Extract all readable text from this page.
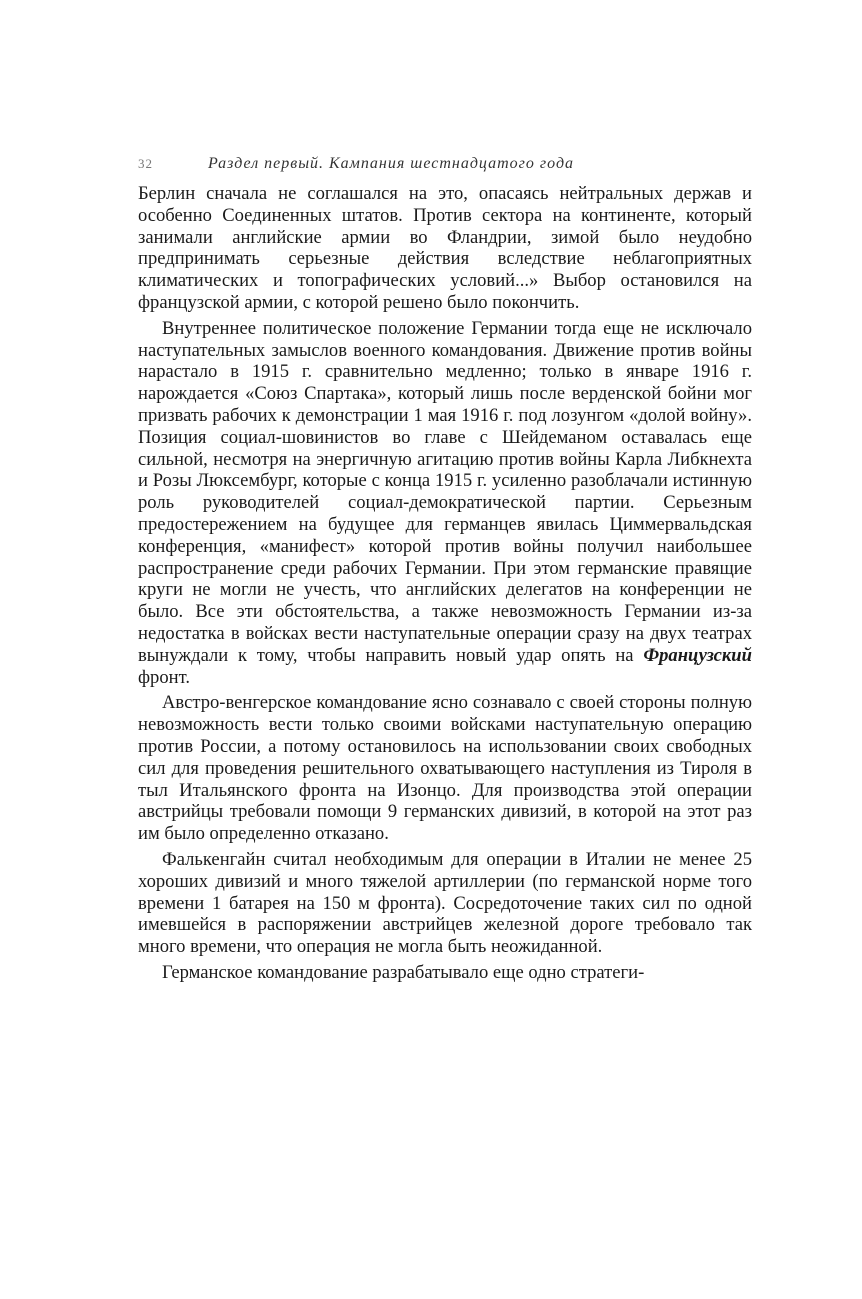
32	Раздел первый. Кампания шестнадцатого года

Берлин сначала не соглашался на это, опасаясь нейтральных держав и особенно Соединенных штатов. Против сектора на континенте, который занимали английские армии во Фландрии, зимой было неудобно предпринимать серьезные действия вследствие неблагоприятных климатических и топографических условий...» Выбор остановился на французской армии, с которой решено было покончить.

Внутреннее политическое положение Германии тогда еще не исключало наступательных замыслов военного командования. Движение против войны нарастало в 1915 г. сравнительно медленно; только в январе 1916 г. нарождается «Союз Спартака», который лишь после верденской бойни мог призвать рабочих к демонстрации 1 мая 1916 г. под лозунгом «долой войну». Позиция социал-шовинистов во главе с Шейдеманом оставалась еще сильной, несмотря на энергичную агитацию против войны Карла Либкнехта и Розы Люксембург, которые с конца 1915 г. усиленно разоблачали истинную роль руководителей социал-демократической партии. Серьезным предостережением на будущее для германцев явилась Циммервальдская конференция, «манифест» которой против войны получил наибольшее распространение среди рабочих Германии. При этом германские правящие круги не могли не учесть, что английских делегатов на конференции не было. Все эти обстоятельства, а также невозможность Германии из-за недостатка в войсках вести наступательные операции сразу на двух театрах вынуждали к тому, чтобы направить новый удар опять на Французский фронт.

Австро-венгерское командование ясно сознавало с своей стороны полную невозможность вести только своими войсками наступательную операцию против России, а потому остановилось на использовании своих свободных сил для проведения решительного охватывающего наступления из Тироля в тыл Итальянского фронта на Изонцо. Для производства этой операции австрийцы требовали помощи 9 германских дивизий, в которой на этот раз им было определенно отказано.

Фалькенгайн считал необходимым для операции в Италии не менее 25 хороших дивизий и много тяжелой артиллерии (по германской норме того времени 1 батарея на 150 м фронта). Сосредоточение таких сил по одной имевшейся в распоряжении австрийцев железной дороге требовало так много времени, что операция не могла быть неожиданной.

Германское командование разрабатывало еще одно стратеги-
